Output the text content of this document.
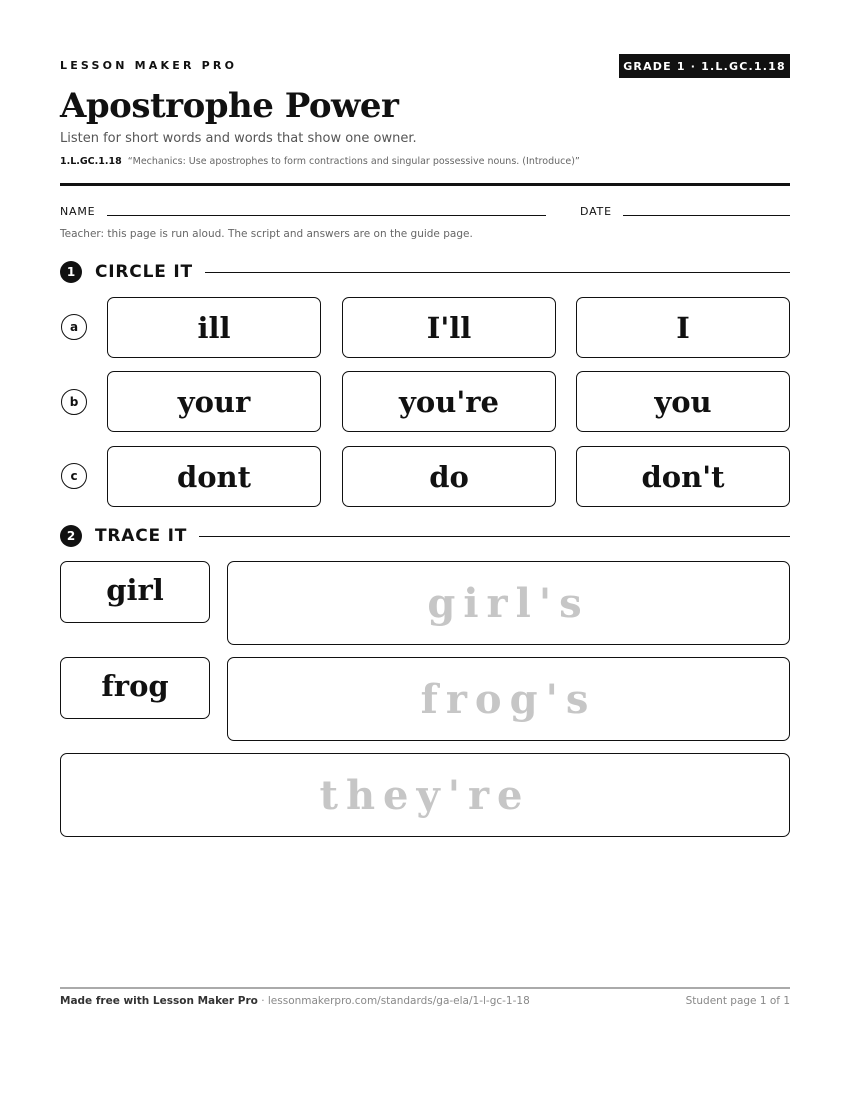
LESSON MAKER PRO	GRADE 1 · 1.L.GC.1.18
Apostrophe Power
Listen for short words and words that show one owner.
1.L.GC.1.18 “Mechanics: Use apostrophes to form contractions and singular possessive nouns. (Introduce)”
NAME	DATE
Teacher: this page is run aloud. The script and answers are on the guide page.
1	CIRCLE IT
a	ill	I'll	I
b	your	you're	you
c	dont	do	don't
2	TRACE IT
girl	girl's
frog	frog's
they're
Made free with Lesson Maker Pro · lessonmakerpro.com/standards/ga-ela/1-l-gc-1-18	Student page 1 of 1
